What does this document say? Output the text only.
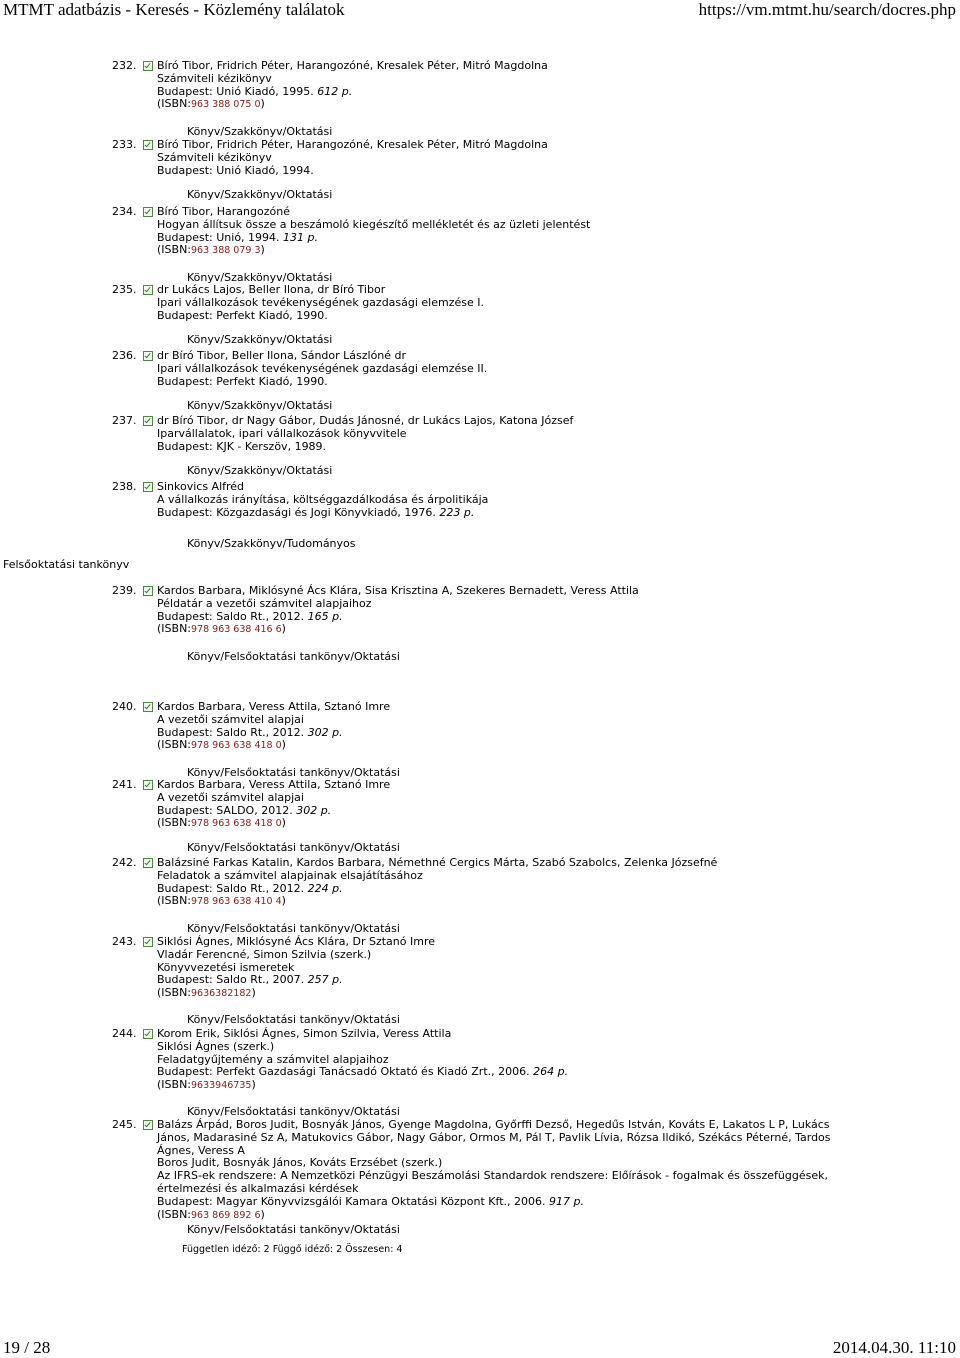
MTMT adatbázis - Keresés - Közlemény találatok	https://vm.mtmt.hu/search/docres.php
232.	Bíró Tibor, Fridrich Péter, Harangozóné, Kresalek Péter, Mitró Magdolna
Számviteli kézikönyv
Budapest: Unió Kiadó, 1995. 612 p.
(ISBN:963 388 075 0)
Könyv/Szakkönyv/Oktatási
233.	Bíró Tibor, Fridrich Péter, Harangozóné, Kresalek Péter, Mitró Magdolna
Számviteli kézikönyv
Budapest: Unió Kiadó, 1994.
Könyv/Szakkönyv/Oktatási
234.	Bíró Tibor, Harangozóné
Hogyan állítsuk össze a beszámoló kiegészítő mellékletét és az üzleti jelentést
Budapest: Unió, 1994. 131 p.
(ISBN:963 388 079 3)
Könyv/Szakkönyv/Oktatási
235.	dr Lukács Lajos, Beller Ilona, dr Bíró Tibor
Ipari vállalkozások tevékenységének gazdasági elemzése I.
Budapest: Perfekt Kiadó, 1990.
Könyv/Szakkönyv/Oktatási
236.	dr Bíró Tibor, Beller Ilona, Sándor Lászlóné dr
Ipari vállalkozások tevékenységének gazdasági elemzése II.
Budapest: Perfekt Kiadó, 1990.
Könyv/Szakkönyv/Oktatási
237.	dr Bíró Tibor, dr Nagy Gábor, Dudás Jánosné, dr Lukács Lajos, Katona József
Iparvállalatok, ipari vállalkozások könyvvitele
Budapest: KJK - Kerszöv, 1989.
Könyv/Szakkönyv/Oktatási
238.	Sinkovics Alfréd
A vállalkozás irányítása, költséggazdálkodása és árpolitikája
Budapest: Közgazdasági és Jogi Könyvkiadó, 1976. 223 p.
Könyv/Szakkönyv/Tudományos
239.	Kardos Barbara, Miklósyné Ács Klára, Sisa Krisztina A, Szekeres Bernadett, Veress Attila
Példatár a vezetői számvitel alapjaihoz
Budapest: Saldo Rt., 2012. 165 p.
(ISBN:978 963 638 416 6)
Könyv/Felsőoktatási tankönyv/Oktatási
240.	Kardos Barbara, Veress Attila, Sztanó Imre
A vezetői számvitel alapjai
Budapest: Saldo Rt., 2012. 302 p.
(ISBN:978 963 638 418 0)
Könyv/Felsőoktatási tankönyv/Oktatási
241.	Kardos Barbara, Veress Attila, Sztanó Imre
A vezetői számvitel alapjai
Budapest: SALDO, 2012. 302 p.
(ISBN:978 963 638 418 0)
Könyv/Felsőoktatási tankönyv/Oktatási
242.	Balázsiné Farkas Katalin, Kardos Barbara, Némethné Cergics Márta, Szabó Szabolcs, Zelenka Józsefné
Feladatok a számvitel alapjainak elsajátításához
Budapest: Saldo Rt., 2012. 224 p.
(ISBN:978 963 638 410 4)
Könyv/Felsőoktatási tankönyv/Oktatási
243.	Siklósi Ágnes, Miklósyné Ács Klára, Dr Sztanó Imre
Vladár Ferencné, Simon Szilvia (szerk.)
Könyvvezetési ismeretek
Budapest: Saldo Rt., 2007. 257 p.
(ISBN:9636382182)
Könyv/Felsőoktatási tankönyv/Oktatási
244.	Korom Erik, Siklósi Ágnes, Simon Szilvia, Veress Attila
Siklósi Ágnes (szerk.)
Feladatgyűjtemény a számvitel alapjaihoz
Budapest: Perfekt Gazdasági Tanácsadó Oktató és Kiadó Zrt., 2006. 264 p.
(ISBN:9633946735)
Könyv/Felsőoktatási tankönyv/Oktatási
245.	Balázs Árpád, Boros Judit, Bosnyák János, Gyenge Magdolna, Győrffi Dezső, Hegedűs István, Kováts E, Lakatos L P, Lukács János, Madarasiné Sz A, Matukovics Gábor, Nagy Gábor, Ormos M, Pál T, Pavlik Lívia, Rózsa Ildikó, Székács Péterné, Tardos Ágnes, Veress A
Boros Judit, Bosnyák János, Kováts Erzsébet (szerk.)
Az IFRS-ek rendszere: A Nemzetközi Pénzügyi Beszámolási Standardok rendszere: Előírások - fogalmak és összefüggések, értelmezési és alkalmazási kérdések
Budapest: Magyar Könyvvizsgálói Kamara Oktatási Központ Kft., 2006. 917 p.
(ISBN:963 869 892 6)
Könyv/Felsőoktatási tankönyv/Oktatási
Felsőoktatási tankönyv
Független idéző: 2 Függő idéző: 2 Összesen: 4
19 / 28	2014.04.30. 11:10
